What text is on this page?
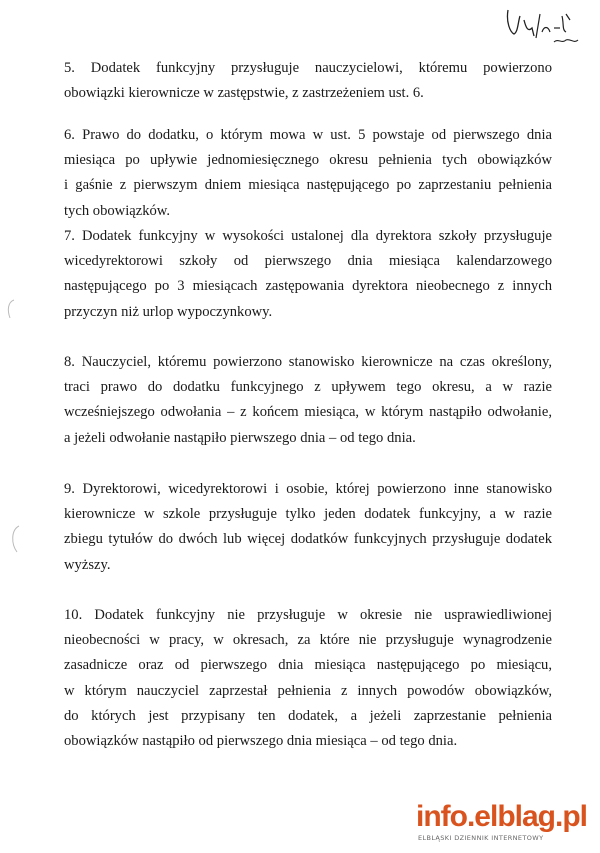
5. Dodatek funkcyjny przysługuje nauczycielowi, któremu powierzono
obowiązki kierownicze w zastępstwie, z zastrzeżeniem ust. 6.

6. Prawo do dodatku, o którym mowa w ust. 5 powstaje od pierwszego dnia
miesiąca po upływie jednomiesięcznego okresu pełnienia tych obowiązków
i gaśnie z pierwszym dniem miesiąca następującego po zaprzestaniu pełnienia
tych obowiązków.

7. Dodatek funkcyjny w wysokości ustalonej dla dyrektora szkoły przysługuje
wicedyrektorowi szkoły od pierwszego dnia miesiąca kalendarzowego
następującego po 3 miesiącach zastępowania dyrektora nieobecnego z innych
przyczyn niż urlop wypoczynkowy.

8. Nauczyciel, któremu powierzono stanowisko kierownicze na czas określony,
traci prawo do dodatku funkcyjnego z upływem tego okresu, a w razie
wcześniejszego odwołania – z końcem miesiąca, w którym nastąpiło odwołanie,
a jeżeli odwołanie nastąpiło pierwszego dnia – od tego dnia.

9. Dyrektorowi, wicedyrektorowi i osobie, której powierzono inne stanowisko
kierownicze w szkole przysługuje tylko jeden dodatek funkcyjny, a w razie
zbiegu tytułów do dwóch lub więcej dodatków funkcyjnych przysługuje dodatek
wyższy.

10. Dodatek funkcyjny nie przysługuje w okresie nie usprawiedliwionej
nieobecności w pracy, w okresach, za które nie przysługuje wynagrodzenie
zasadnicze oraz od pierwszego dnia miesiąca następującego po miesiącu,
w którym nauczyciel zaprzestał pełnienia z innych powodów obowiązków,
do których jest przypisany ten dodatek, a jeżeli zaprzestanie pełnienia
obowiązków nastąpiło od pierwszego dnia miesiąca – od tego dnia.

info.elblag.pl
ELBLĄSKI DZIENNIK INTERNETOWY
